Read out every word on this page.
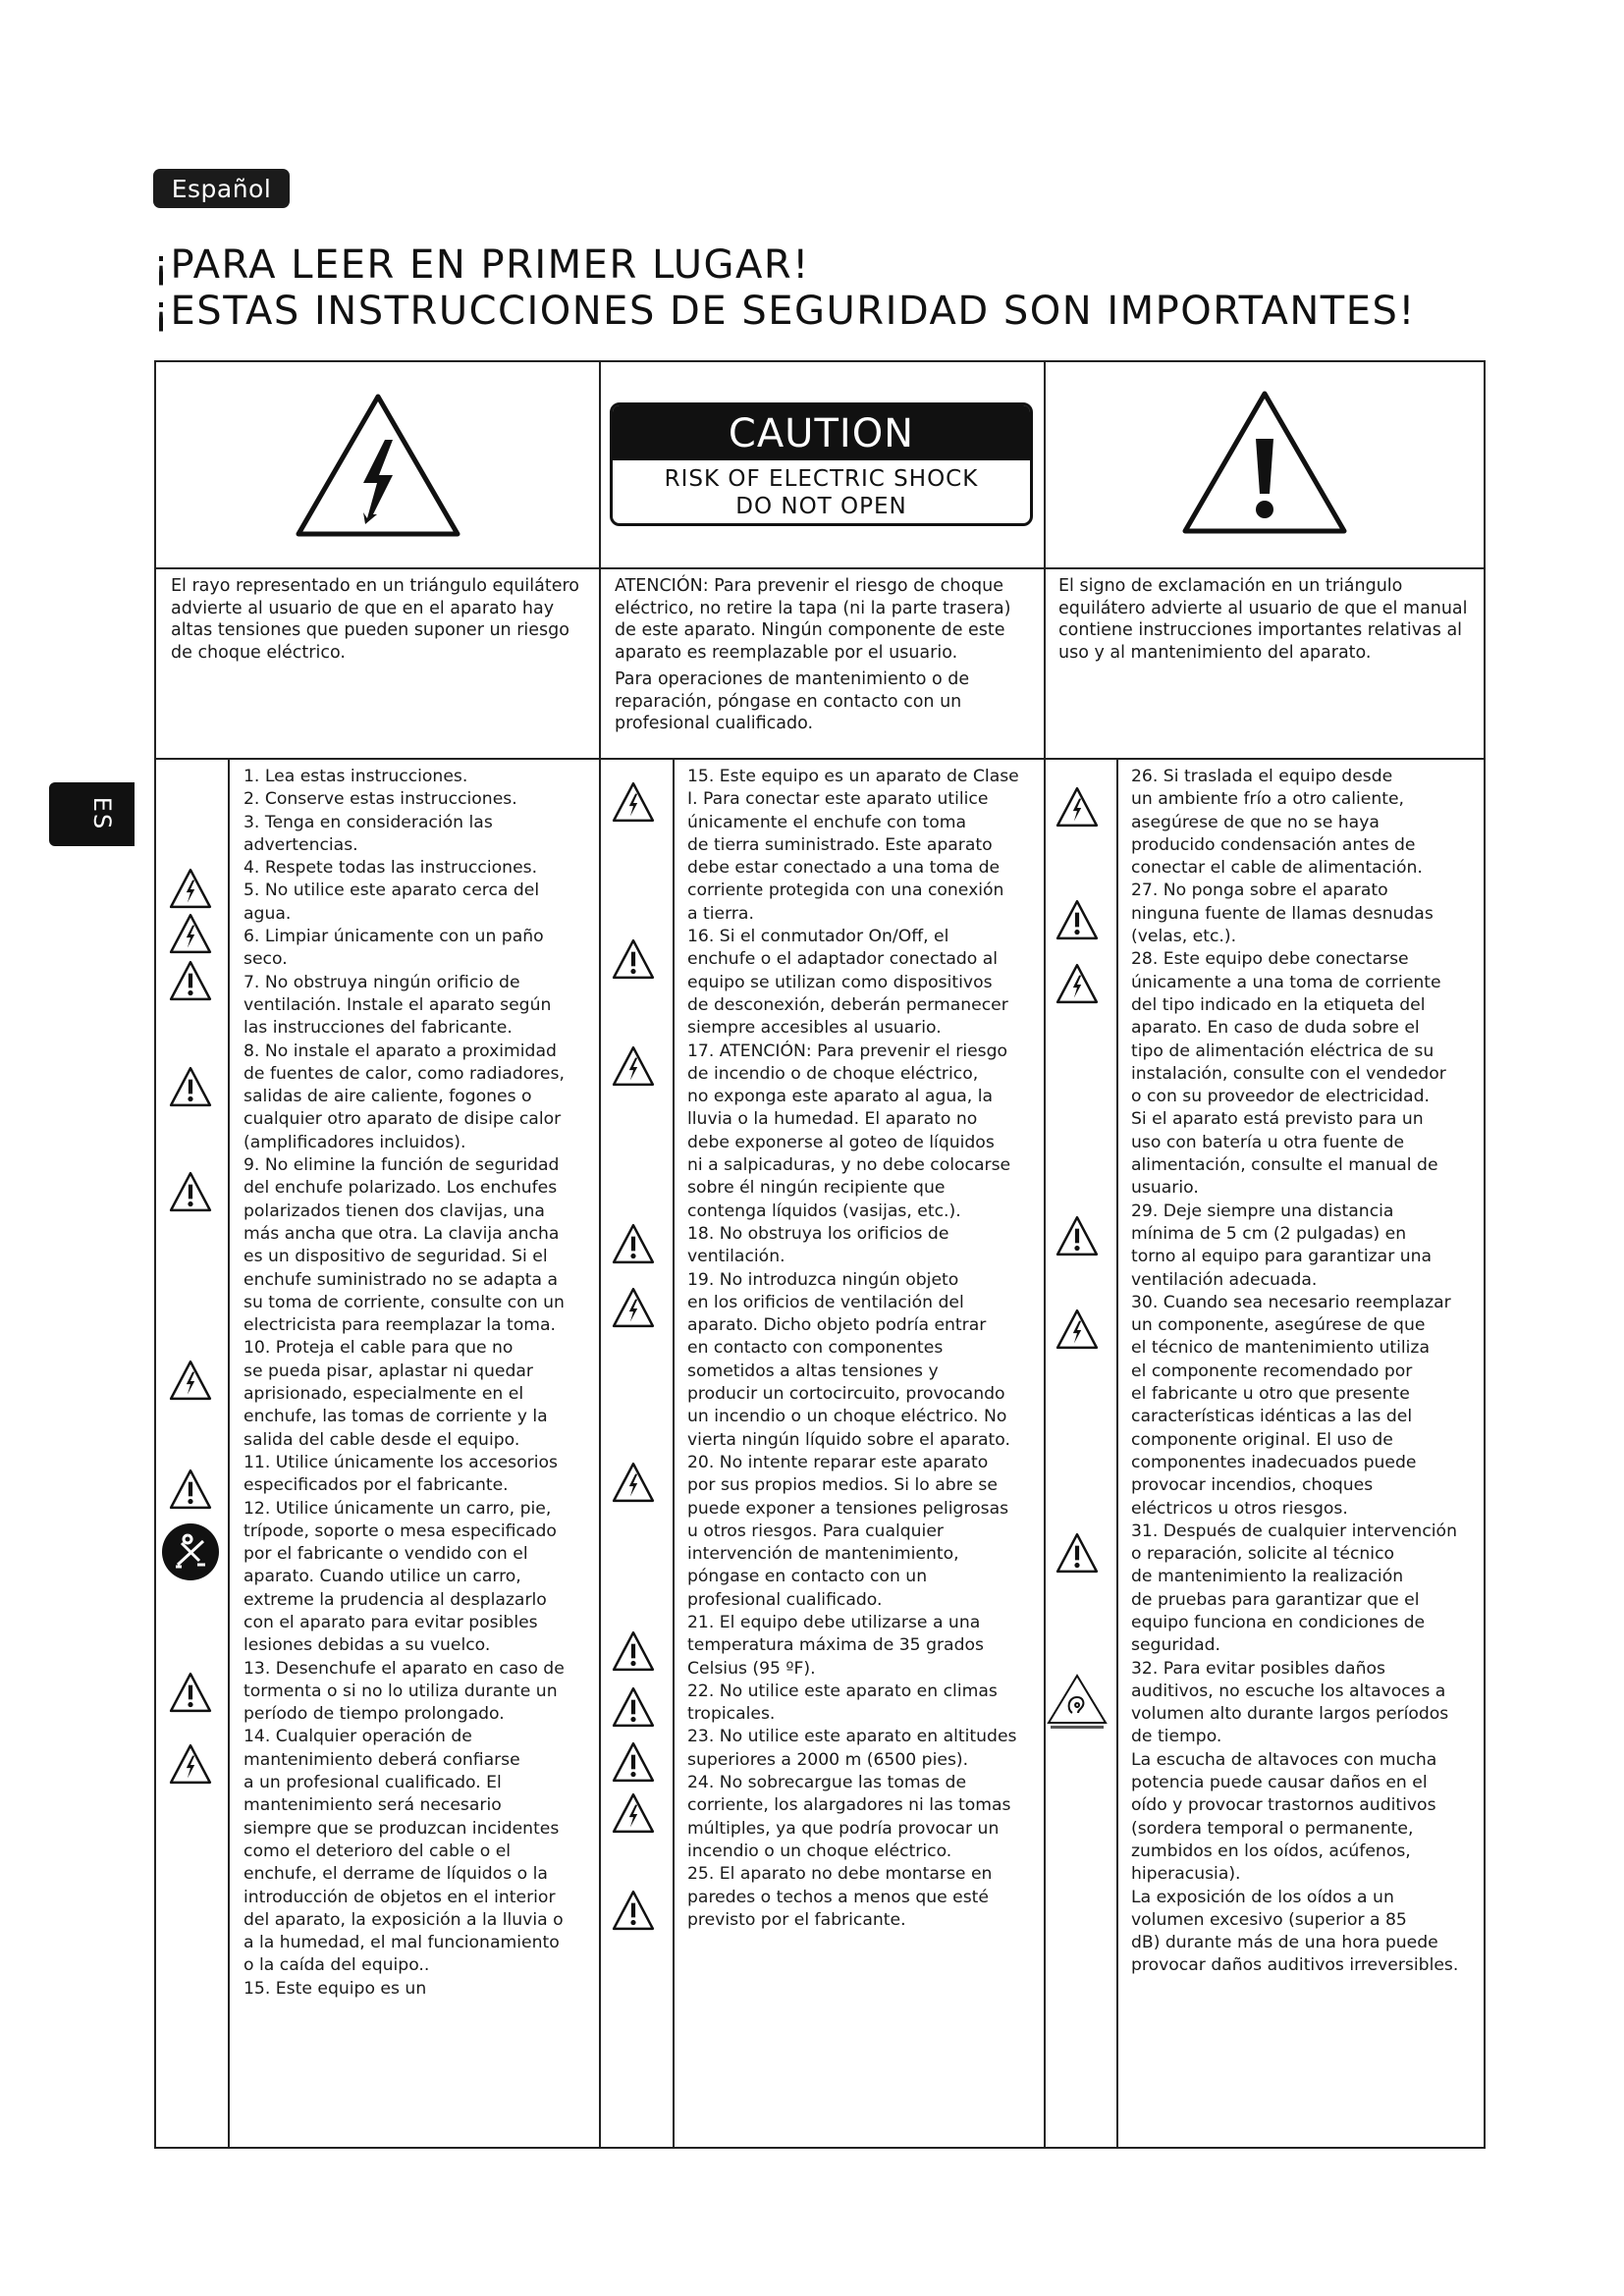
Español
¡PARA LEER EN PRIMER LUGAR!
¡ESTAS INSTRUCCIONES DE SEGURIDAD SON IMPORTANTES!
ES
CAUTION
RISK OF ELECTRIC SHOCK
DO NOT OPEN

El rayo representado en un triángulo equilátero advierte al usuario de que en el aparato hay altas tensiones que pueden suponer un riesgo de choque eléctrico.

ATENCIÓN: Para prevenir el riesgo de choque eléctrico, no retire la tapa (ni la parte trasera) de este aparato. Ningún componente de este aparato es reemplazable por el usuario.

Para operaciones de mantenimiento o de reparación, póngase en contacto con un profesional cualificado.

El signo de exclamación en un triángulo equilátero advierte al usuario de que el manual contiene instrucciones importantes relativas al uso y al mantenimiento del aparato.

1. Lea estas instrucciones.

2. Conserve estas instrucciones.

3. Tenga en consideración las

advertencias.

4. Respete todas las instrucciones.

5. No utilice este aparato cerca del

agua.

6. Limpiar únicamente con un paño

seco.

7. No obstruya ningún orificio de

ventilación. Instale el aparato según

las instrucciones del fabricante.

8. No instale el aparato a proximidad

de fuentes de calor, como radiadores,

salidas de aire caliente, fogones o

cualquier otro aparato de disipe calor

(amplificadores incluidos).

9. No elimine la función de seguridad

del enchufe polarizado. Los enchufes

polarizados tienen dos clavijas, una

más ancha que otra. La clavija ancha

es un dispositivo de seguridad. Si el

enchufe suministrado no se adapta a

su toma de corriente, consulte con un

electricista para reemplazar la toma.

10. Proteja el cable para que no

se pueda pisar, aplastar ni quedar

aprisionado, especialmente en el

enchufe, las tomas de corriente y la

salida del cable desde el equipo.

11. Utilice únicamente los accesorios

especificados por el fabricante.

12. Utilice únicamente un carro, pie,

trípode, soporte o mesa especificado

por el fabricante o vendido con el

aparato. Cuando utilice un carro,

extreme la prudencia al desplazarlo

con el aparato para evitar posibles

lesiones debidas a su vuelco.

13. Desenchufe el aparato en caso de

tormenta o si no lo utiliza durante un

período de tiempo prolongado.

14. Cualquier operación de

mantenimiento deberá confiarse

a un profesional cualificado. El

mantenimiento será necesario

siempre que se produzcan incidentes

como el deterioro del cable o el

enchufe, el derrame de líquidos o la

introducción de objetos en el interior

del aparato, la exposición a la lluvia o

a la humedad, el mal funcionamiento

o la caída del equipo..

15. Este equipo es un

15. Este equipo es un aparato de Clase

I. Para conectar este aparato utilice

únicamente el enchufe con toma

de tierra suministrado. Este aparato

debe estar conectado a una toma de

corriente protegida con una conexión

a tierra.

16. Si el conmutador On/Off, el

enchufe o el adaptador conectado al

equipo se utilizan como dispositivos

de desconexión, deberán permanecer

siempre accesibles al usuario.

17. ATENCIÓN: Para prevenir el riesgo

de incendio o de choque eléctrico,

no exponga este aparato al agua, la

lluvia o la humedad. El aparato no

debe exponerse al goteo de líquidos

ni a salpicaduras, y no debe colocarse

sobre él ningún recipiente que

contenga líquidos (vasijas, etc.).

18. No obstruya los orificios de

ventilación.

19. No introduzca ningún objeto

en los orificios de ventilación del

aparato. Dicho objeto podría entrar

en contacto con componentes

sometidos a altas tensiones y

producir un cortocircuito, provocando

un incendio o un choque eléctrico. No

vierta ningún líquido sobre el aparato.

20. No intente reparar este aparato

por sus propios medios. Si lo abre se

puede exponer a tensiones peligrosas

u otros riesgos. Para cualquier

intervención de mantenimiento,

póngase en contacto con un

profesional cualificado.

21. El equipo debe utilizarse a una

temperatura máxima de 35 grados

Celsius (95 ºF).

22. No utilice este aparato en climas

tropicales.

23. No utilice este aparato en altitudes

superiores a 2000 m (6500 pies).

24. No sobrecargue las tomas de

corriente, los alargadores ni las tomas

múltiples, ya que podría provocar un

incendio o un choque eléctrico.

25. El aparato no debe montarse en

paredes o techos a menos que esté

previsto por el fabricante.

26. Si traslada el equipo desde

un ambiente frío a otro caliente,

asegúrese de que no se haya

producido condensación antes de

conectar el cable de alimentación.

27. No ponga sobre el aparato

ninguna fuente de llamas desnudas

(velas, etc.).

28. Este equipo debe conectarse

únicamente a una toma de corriente

del tipo indicado en la etiqueta del

aparato. En caso de duda sobre el

tipo de alimentación eléctrica de su

instalación, consulte con el vendedor

o con su proveedor de electricidad.

Si el aparato está previsto para un

uso con batería u otra fuente de

alimentación, consulte el manual de

usuario.

29. Deje siempre una distancia

mínima de 5 cm (2 pulgadas) en

torno al equipo para garantizar una

ventilación adecuada.

30. Cuando sea necesario reemplazar

un componente, asegúrese de que

el técnico de mantenimiento utiliza

el componente recomendado por

el fabricante u otro que presente

características idénticas a las del

componente original. El uso de

componentes inadecuados puede

provocar incendios, choques

eléctricos u otros riesgos.

31. Después de cualquier intervención

o reparación, solicite al técnico

de mantenimiento la realización

de pruebas para garantizar que el

equipo funciona en condiciones de

seguridad.

32. Para evitar posibles daños

auditivos, no escuche los altavoces a

volumen alto durante largos períodos

de tiempo.

La escucha de altavoces con mucha

potencia puede causar daños en el

oído y provocar trastornos auditivos

(sordera temporal o permanente,

zumbidos en los oídos, acúfenos,

hiperacusia).

La exposición de los oídos a un

volumen excesivo (superior a 85

dB) durante más de una hora puede

provocar daños auditivos irreversibles.
